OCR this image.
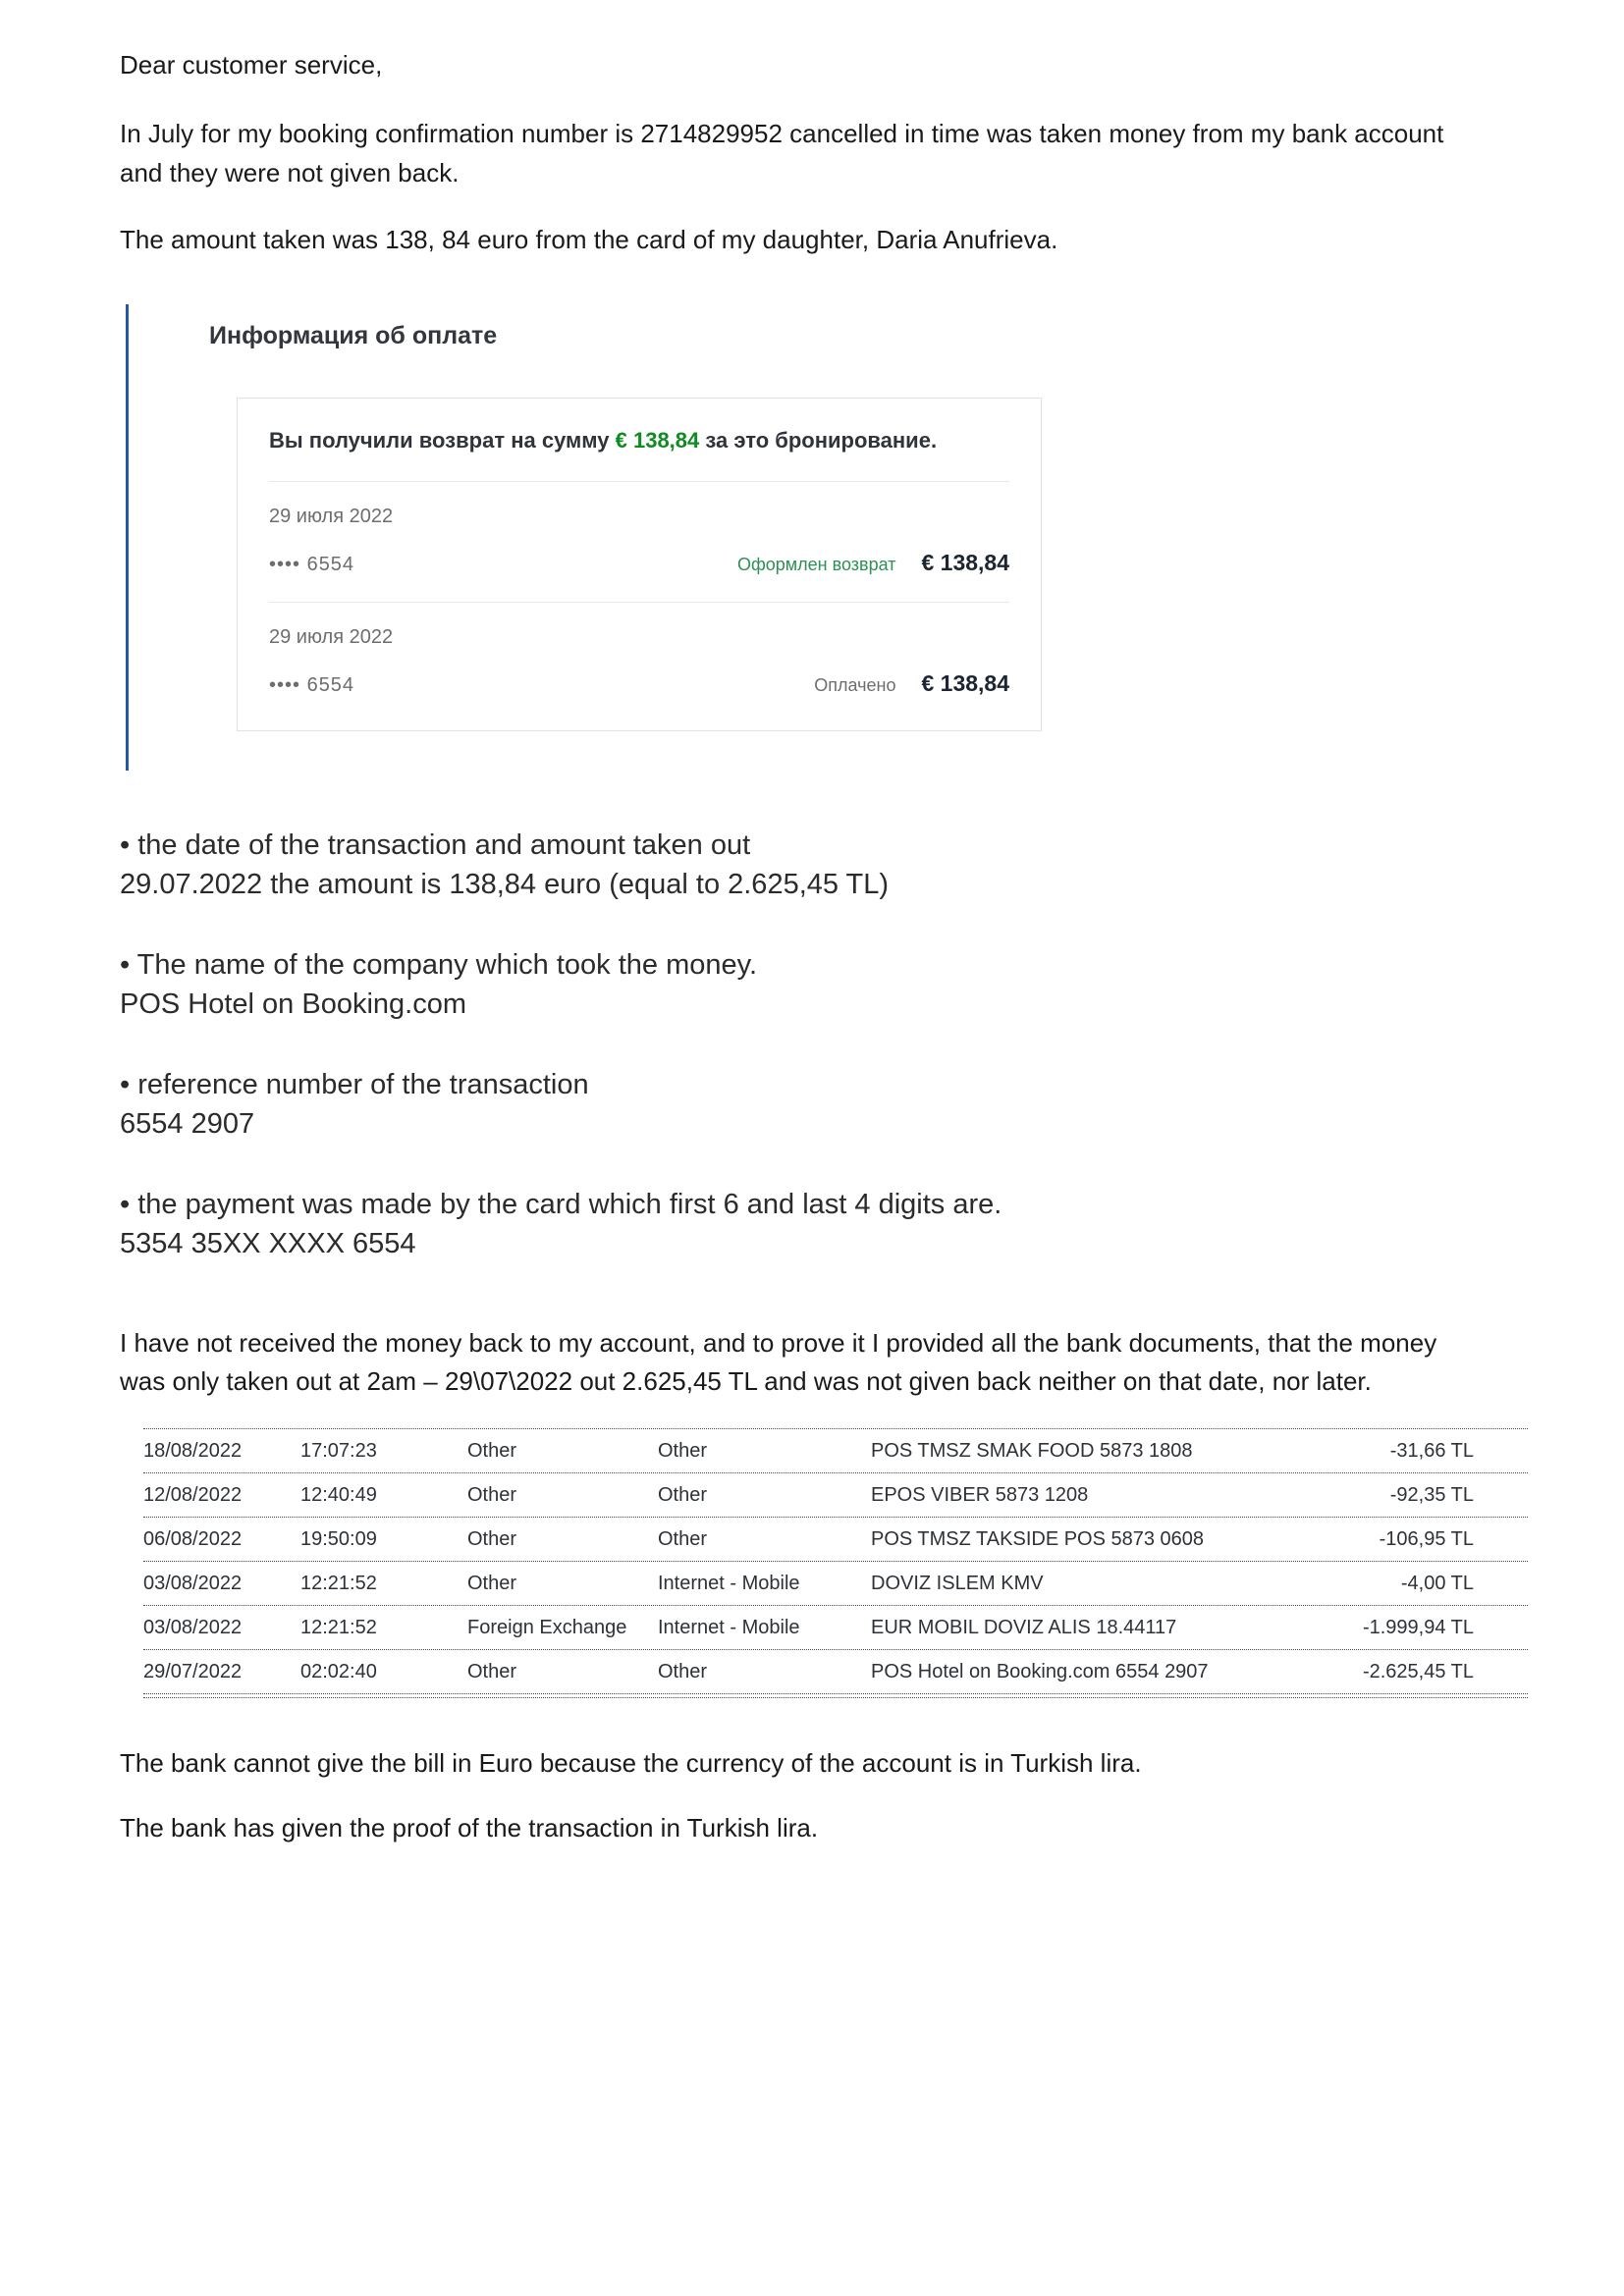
Dear customer service,

In July for my booking confirmation number is 2714829952 cancelled in time was taken money from my bank account and they were not given back.

The amount taken was 138, 84 euro from the card of my daughter, Daria Anufrieva.

Информация об оплате

Вы получили возврат на сумму € 138,84 за это бронирование.

29 июля 2022
•••• 6554	Оформлен возврат € 138,84
29 июля 2022
•••• 6554	Оплачено € 138,84

• the date of the transaction and amount taken out

29.07.2022 the amount is 138,84 euro (equal to 2.625,45 TL)

• The name of the company which took the money.

POS Hotel on Booking.com

• reference number of the transaction

6554 2907

• the payment was made by the card which first 6 and last 4 digits are.

5354 35XX XXXX 6554

I have not received the money back to my account, and to prove it I provided all the bank documents, that the money was only taken out at 2am – 29\07\2022 out 2.625,45 TL and was not given back neither on that date, nor later.

18/08/2022	17:07:23	Other	Other	POS TMSZ SMAK FOOD 5873 1808	-31,66 TL
12/08/2022	12:40:49	Other	Other	EPOS VIBER 5873 1208	-92,35 TL
06/08/2022	19:50:09	Other	Other	POS TMSZ TAKSIDE POS 5873 0608	-106,95 TL
03/08/2022	12:21:52	Other	Internet - Mobile	DOVIZ ISLEM KMV	-4,00 TL
03/08/2022	12:21:52	Foreign Exchange	Internet - Mobile	EUR MOBIL DOVIZ ALIS 18.44117	-1.999,94 TL
29/07/2022	02:02:40	Other	Other	POS Hotel on Booking.com 6554 2907	-2.625,45 TL

The bank cannot give the bill in Euro because the currency of the account is in Turkish lira.

The bank has given the proof of the transaction in Turkish lira.
